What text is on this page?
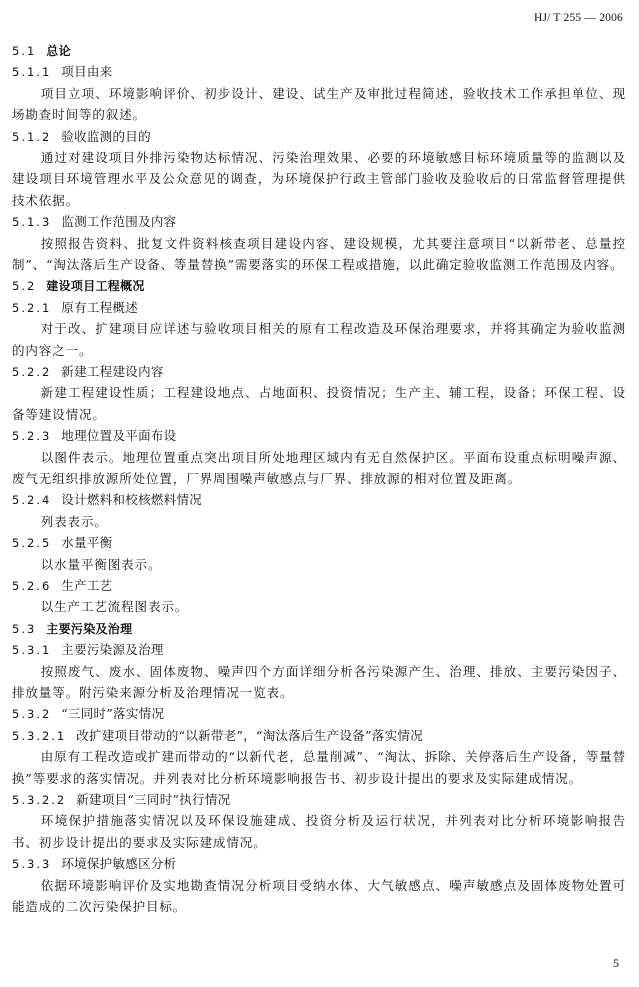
HJ/ T 255 — 2006
5.1 总论
5.1.1 项目由来

项目立项、环境影响评价、初步设计、建设、试生产及审批过程简述，验收技术工作承担单位、现场勘查时间等的叙述。

5.1.2 验收监测的目的

通过对建设项目外排污染物达标情况、污染治理效果、必要的环境敏感目标环境质量等的监测以及建设项目环境管理水平及公众意见的调查，为环境保护行政主管部门验收及验收后的日常监督管理提供技术依据。

5.1.3 监测工作范围及内容

按照报告资料、批复文件资料核查项目建设内容、建设规模，尤其要注意项目“以新带老、总量控制”、“淘汰落后生产设备、等量替换”需要落实的环保工程或措施，以此确定验收监测工作范围及内容。

5.2 建设项目工程概况
5.2.1 原有工程概述

对于改、扩建项目应详述与验收项目相关的原有工程改造及环保治理要求，并将其确定为验收监测的内容之一。

5.2.2 新建工程建设内容

新建工程建设性质；工程建设地点、占地面积、投资情况；生产主、辅工程，设备；环保工程、设备等建设情况。

5.2.3 地理位置及平面布设

以图件表示。地理位置重点突出项目所处地理区域内有无自然保护区。平面布设重点标明噪声源、废气无组织排放源所处位置，厂界周围噪声敏感点与厂界、排放源的相对位置及距离。

5.2.4 设计燃料和校核燃料情况

列表表示。

5.2.5 水量平衡

以水量平衡图表示。

5.2.6 生产工艺

以生产工艺流程图表示。

5.3 主要污染及治理
5.3.1 主要污染源及治理

按照废气、废水、固体废物、噪声四个方面详细分析各污染源产生、治理、排放、主要污染因子、排放量等。附污染来源分析及治理情况一览表。

5.3.2 “三同时”落实情况
5.3.2.1 改扩建项目带动的“以新带老”，“淘汰落后生产设备”落实情况

由原有工程改造或扩建而带动的“以新代老，总量削减”、“淘汰、拆除、关停落后生产设备，等量替换”等要求的落实情况。并列表对比分析环境影响报告书、初步设计提出的要求及实际建成情况。

5.3.2.2 新建项目“三同时”执行情况

环境保护措施落实情况以及环保设施建成、投资分析及运行状况，并列表对比分析环境影响报告书、初步设计提出的要求及实际建成情况。

5.3.3 环境保护敏感区分析

依据环境影响评价及实地勘查情况分析项目受纳水体、大气敏感点、噪声敏感点及固体废物处置可能造成的二次污染保护目标。

5
